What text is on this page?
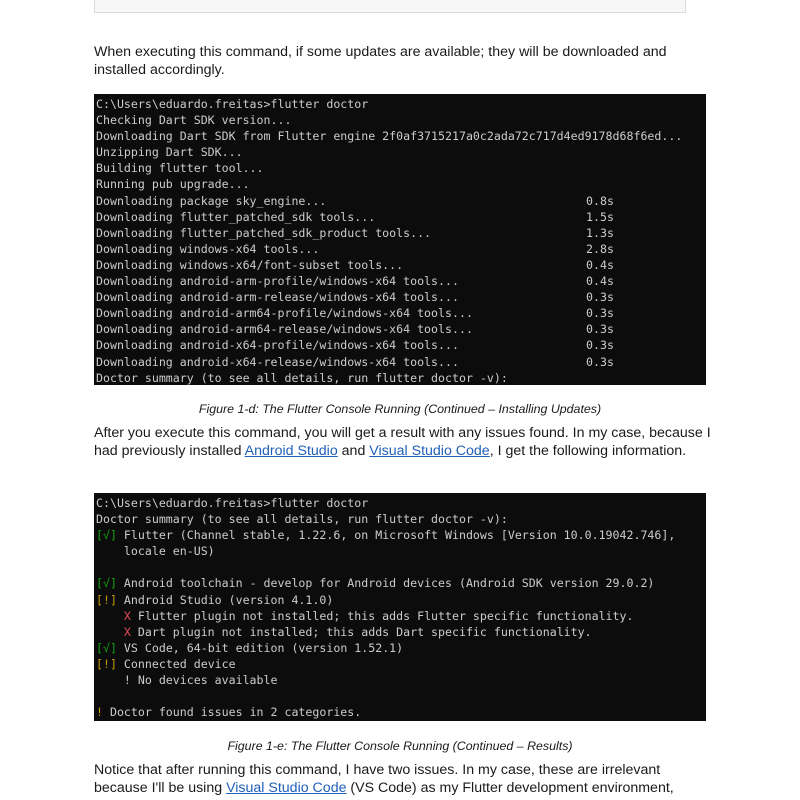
When executing this command, if some updates are available; they will be downloaded and installed accordingly.

C:\Users\eduardo.freitas>flutter doctor
Checking Dart SDK version...
Downloading Dart SDK from Flutter engine 2f0af3715217a0c2ada72c717d4ed9178d68f6ed...
Unzipping Dart SDK...
Building flutter tool...
Running pub upgrade...
Downloading package sky_engine...	0.8s
Downloading flutter_patched_sdk tools...	1.5s
Downloading flutter_patched_sdk_product tools...	1.3s
Downloading windows-x64 tools...	2.8s
Downloading windows-x64/font-subset tools...	0.4s
Downloading android-arm-profile/windows-x64 tools...	0.4s
Downloading android-arm-release/windows-x64 tools...	0.3s
Downloading android-arm64-profile/windows-x64 tools...	0.3s
Downloading android-arm64-release/windows-x64 tools...	0.3s
Downloading android-x64-profile/windows-x64 tools...	0.3s
Downloading android-x64-release/windows-x64 tools...	0.3s
Doctor summary (to see all details, run flutter doctor -v):

Figure 1-d: The Flutter Console Running (Continued – Installing Updates)

After you execute this command, you will get a result with any issues found. In my case, because I had previously installed Android Studio and Visual Studio Code, I get the following information.

C:\Users\eduardo.freitas>flutter doctor
Doctor summary (to see all details, run flutter doctor -v):
[√] Flutter (Channel stable, 1.22.6, on Microsoft Windows [Version 10.0.19042.746],
locale en-US)
[√] Android toolchain - develop for Android devices (Android SDK version 29.0.2)
[!] Android Studio (version 4.1.0)
X Flutter plugin not installed; this adds Flutter specific functionality.
X Dart plugin not installed; this adds Dart specific functionality.
[√] VS Code, 64-bit edition (version 1.52.1)
[!] Connected device
! No devices available
! Doctor found issues in 2 categories.

Figure 1-e: The Flutter Console Running (Continued – Results)

Notice that after running this command, I have two issues. In my case, these are irrelevant because I'll be using Visual Studio Code (VS Code) as my Flutter development environment,
